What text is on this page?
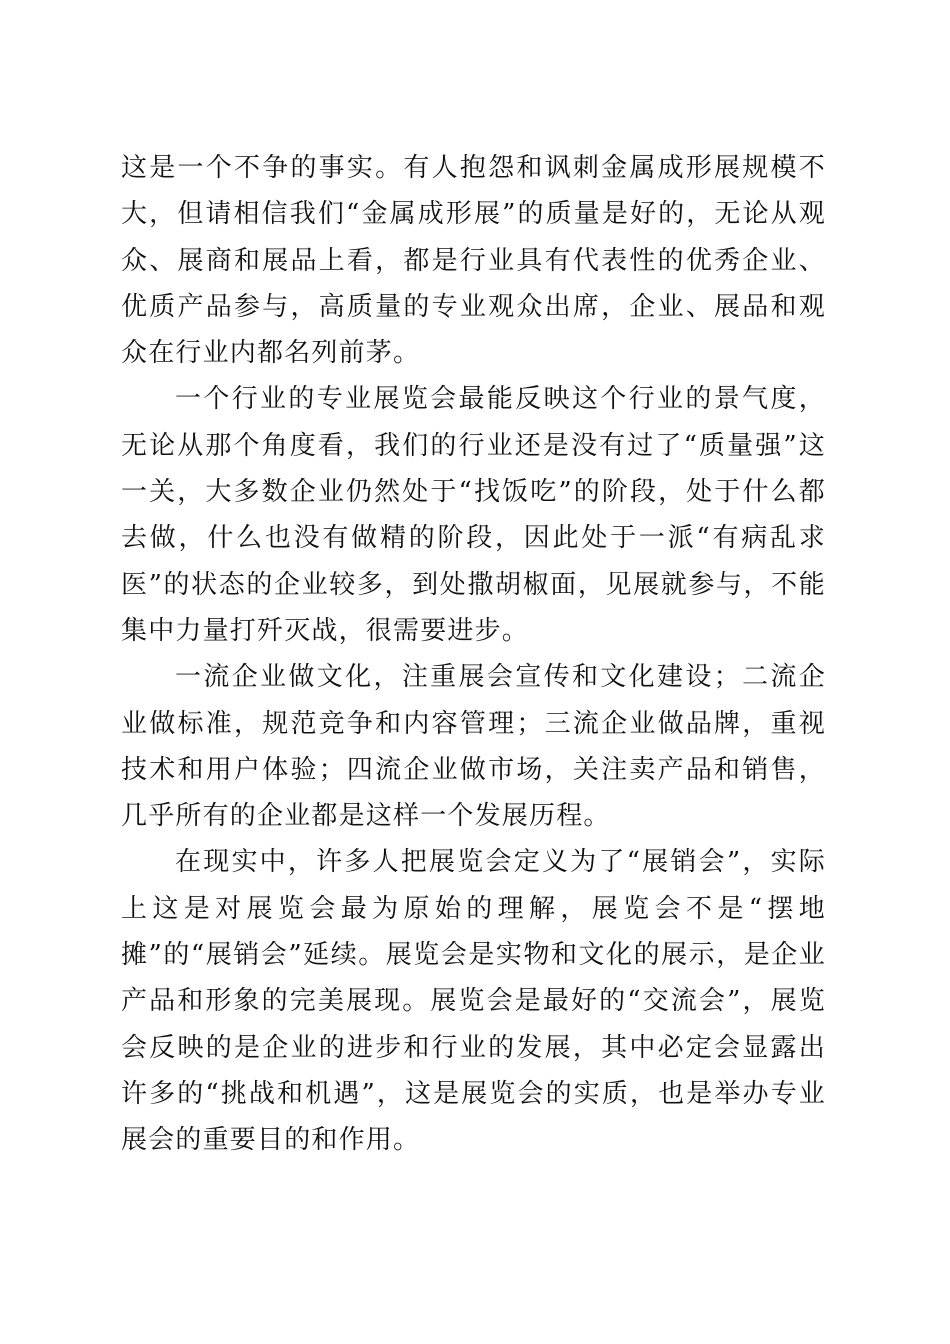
这是一个不争的事实。有人抱怨和讽刺金属成形展规模不大，但请相信我们“金属成形展”的质量是好的，无论从观众、展商和展品上看，都是行业具有代表性的优秀企业、优质产品参与，高质量的专业观众出席，企业、展品和观众在行业内都名列前茅。

一个行业的专业展览会最能反映这个行业的景气度，无论从那个角度看，我们的行业还是没有过了“质量强”这一关，大多数企业仍然处于“找饭吃”的阶段，处于什么都去做，什么也没有做精的阶段，因此处于一派“有病乱求医”的状态的企业较多，到处撒胡椒面，见展就参与，不能集中力量打歼灭战，很需要进步。

一流企业做文化，注重展会宣传和文化建设；二流企业做标准，规范竞争和内容管理；三流企业做品牌，重视技术和用户体验；四流企业做市场，关注卖产品和销售，几乎所有的企业都是这样一个发展历程。

在现实中，许多人把展览会定义为了“展销会”，实际上这是对展览会最为原始的理解，展览会不是“摆地摊”的“展销会”延续。展览会是实物和文化的展示，是企业产品和形象的完美展现。展览会是最好的“交流会”，展览会反映的是企业的进步和行业的发展，其中必定会显露出许多的“挑战和机遇”，这是展览会的实质，也是举办专业展会的重要目的和作用。
